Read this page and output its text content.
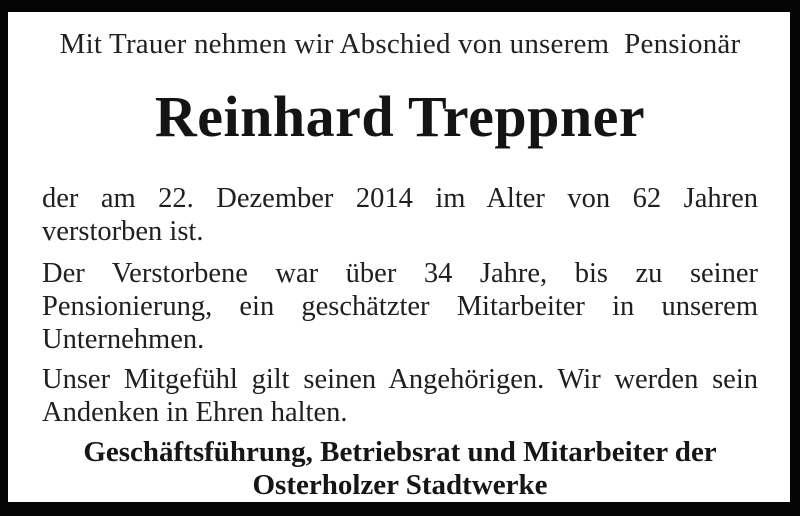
Mit Trauer nehmen wir Abschied von unserem  Pensionär
Reinhard Treppner

der am 22. Dezember 2014 im Alter von 62 Jahren
verstorben ist.

Der Verstorbene war über 34 Jahre, bis zu seiner
Pensionierung, ein geschätzter Mitarbeiter in unserem
Unternehmen.

Unser Mitgefühl gilt seinen Angehörigen. Wir werden sein
Andenken in Ehren halten.

Geschäftsführung, Betriebsrat und Mitarbeiter der
Osterholzer Stadtwerke
